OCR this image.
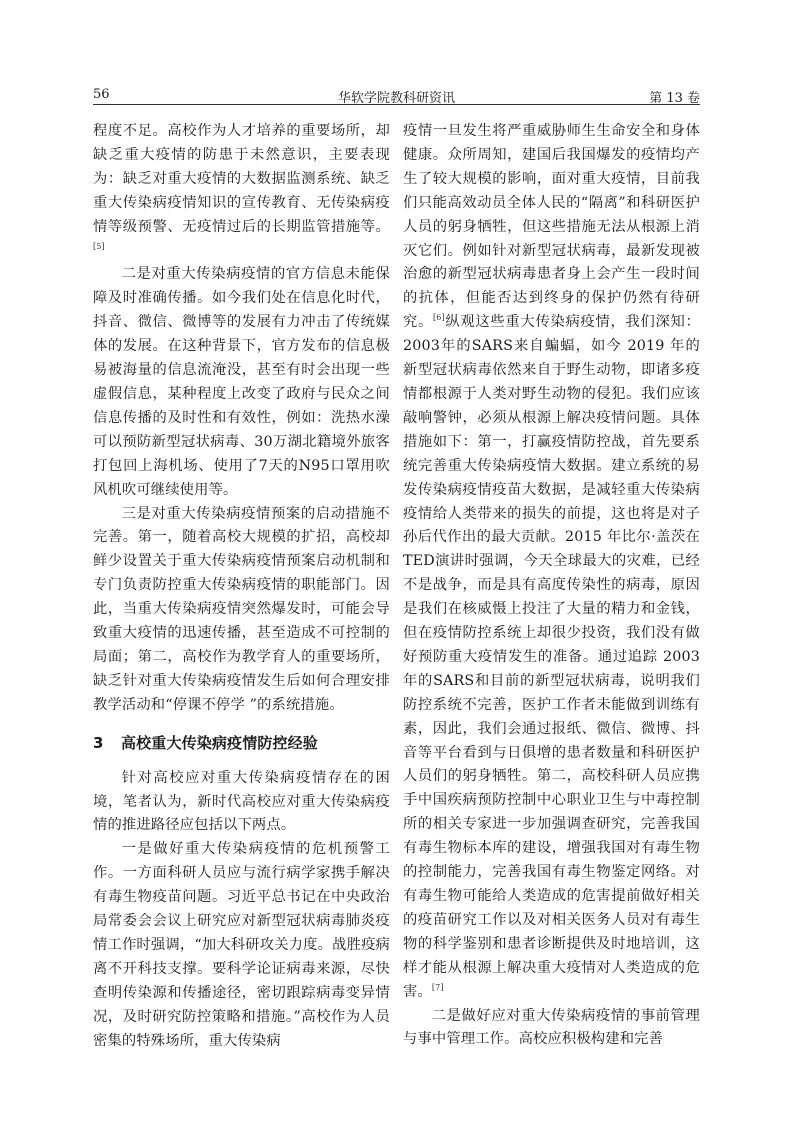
56	华软学院教科研资讯	第 13 卷

程度不足。高校作为人才培养的重要场所，却缺乏重大疫情的防患于未然意识，主要表现为：缺乏对重大疫情的大数据监测系统、缺乏重大传染病疫情知识的宣传教育、无传染病疫情等级预警、无疫情过后的长期监管措施等。[5]

二是对重大传染病疫情的官方信息未能保障及时准确传播。如今我们处在信息化时代，抖音、微信、微博等的发展有力冲击了传统媒体的发展。在这种背景下，官方发布的信息极易被海量的信息流淹没，甚至有时会出现一些虚假信息，某种程度上改变了政府与民众之间信息传播的及时性和有效性，例如：洗热水澡可以预防新型冠状病毒、30万湖北籍境外旅客打包回上海机场、使用了7天的N95口罩用吹风机吹可继续使用等。

三是对重大传染病疫情预案的启动措施不完善。第一，随着高校大规模的扩招，高校却鲜少设置关于重大传染病疫情预案启动机制和专门负责防控重大传染病疫情的职能部门。因此，当重大传染病疫情突然爆发时，可能会导致重大疫情的迅速传播，甚至造成不可控制的局面；第二，高校作为教学育人的重要场所，缺乏针对重大传染病疫情发生后如何合理安排教学活动和“停课不停学 ”的系统措施。

3 高校重大传染病疫情防控经验

针对高校应对重大传染病疫情存在的困境，笔者认为，新时代高校应对重大传染病疫情的推进路径应包括以下两点。

一是做好重大传染病疫情的危机预警工作。一方面科研人员应与流行病学家携手解决有毒生物疫苗问题。习近平总书记在中央政治局常委会会议上研究应对新型冠状病毒肺炎疫情工作时强调，“加大科研攻关力度。战胜疫病离不开科技支撑。要科学论证病毒来源，尽快查明传染源和传播途径，密切跟踪病毒变异情况，及时研究防控策略和措施。”高校作为人员密集的特殊场所，重大传染病

疫情一旦发生将严重威胁师生生命安全和身体健康。众所周知，建国后我国爆发的疫情均产生了较大规模的影响，面对重大疫情，目前我们只能高效动员全体人民的“隔离”和科研医护人员的躬身牺牲，但这些措施无法从根源上消灭它们。例如针对新型冠状病毒，最新发现被治愈的新型冠状病毒患者身上会产生一段时间的抗体，但能否达到终身的保护仍然有待研究。[6]纵观这些重大传染病疫情，我们深知：2003年的SARS来自蝙蝠，如今 2019 年的新型冠状病毒依然来自于野生动物，即诸多疫情都根源于人类对野生动物的侵犯。我们应该敲响警钟，必须从根源上解决疫情问题。具体措施如下：第一，打赢疫情防控战，首先要系统完善重大传染病疫情大数据。建立系统的易发传染病疫情疫苗大数据，是减轻重大传染病疫情给人类带来的损失的前提，这也将是对子孙后代作出的最大贡献。2015 年比尔·盖茨在TED演讲时强调，今天全球最大的灾难，已经不是战争，而是具有高度传染性的病毒，原因是我们在核威慑上投注了大量的精力和金钱，但在疫情防控系统上却很少投资，我们没有做好预防重大疫情发生的准备。通过追踪 2003年的SARS和目前的新型冠状病毒，说明我们防控系统不完善，医护工作者未能做到训练有素，因此，我们会通过报纸、微信、微博、抖音等平台看到与日俱增的患者数量和科研医护人员们的躬身牺牲。第二，高校科研人员应携手中国疾病预防控制中心职业卫生与中毒控制所的相关专家进一步加强调查研究，完善我国有毒生物标本库的建设，增强我国对有毒生物的控制能力，完善我国有毒生物鉴定网络。对有毒生物可能给人类造成的危害提前做好相关的疫苗研究工作以及对相关医务人员对有毒生物的科学鉴别和患者诊断提供及时地培训，这样才能从根源上解决重大疫情对人类造成的危害。[7]

二是做好应对重大传染病疫情的事前管理与事中管理工作。高校应积极构建和完善
